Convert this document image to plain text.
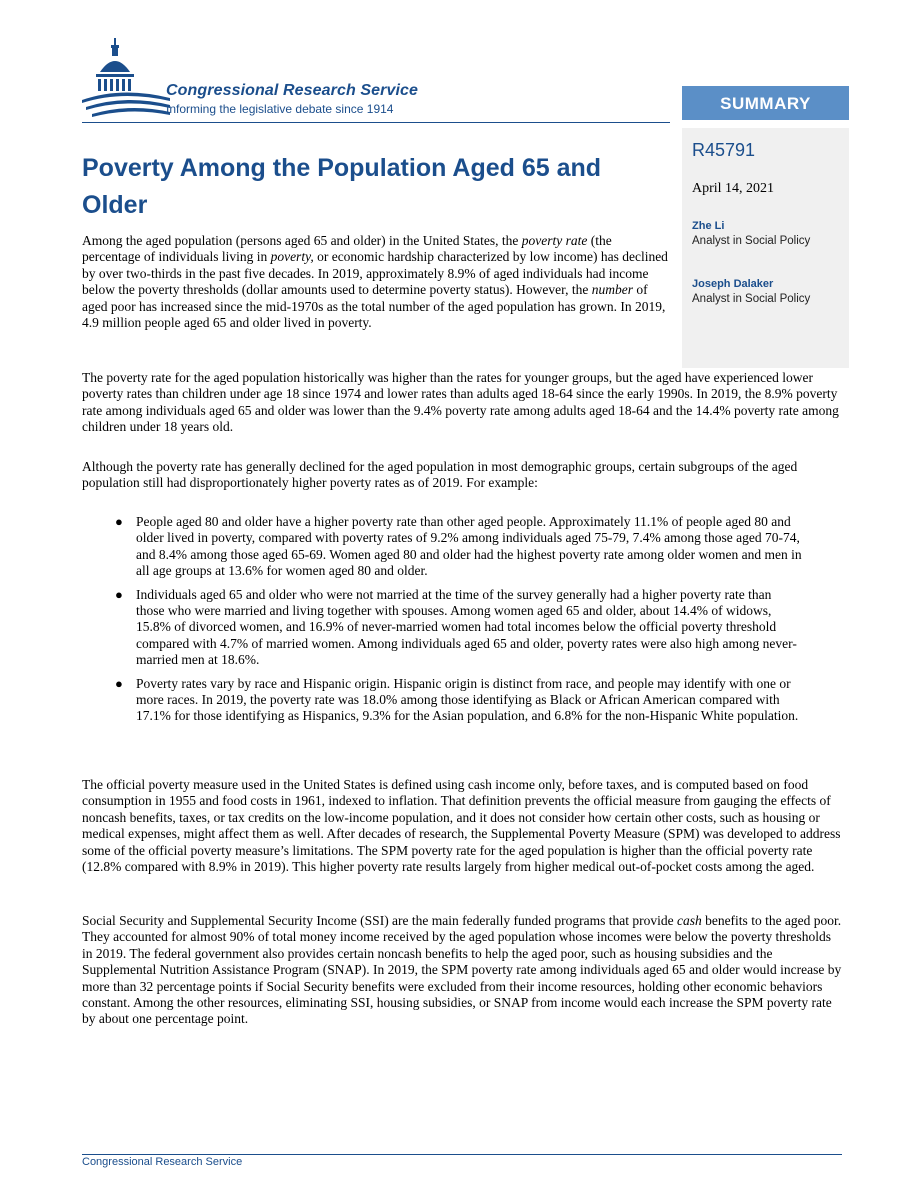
Congressional Research Service
Informing the legislative debate since 1914	SUMMARY
R45791
April 14, 2021
Zhe Li
Analyst in Social Policy
Joseph Dalaker
Analyst in Social Policy
Poverty Among the Population Aged 65 and Older
Among the aged population (persons aged 65 and older) in the United States, the poverty rate (the percentage of individuals living in poverty, or economic hardship characterized by low income) has declined by over two-thirds in the past five decades. In 2019, approximately 8.9% of aged individuals had income below the poverty thresholds (dollar amounts used to determine poverty status). However, the number of aged poor has increased since the mid-1970s as the total number of the aged population has grown. In 2019, 4.9 million people aged 65 and older lived in poverty.
The poverty rate for the aged population historically was higher than the rates for younger groups, but the aged have experienced lower poverty rates than children under age 18 since 1974 and lower rates than adults aged 18-64 since the early 1990s. In 2019, the 8.9% poverty rate among individuals aged 65 and older was lower than the 9.4% poverty rate among adults aged 18-64 and the 14.4% poverty rate among children under 18 years old.
Although the poverty rate has generally declined for the aged population in most demographic groups, certain subgroups of the aged population still had disproportionately higher poverty rates as of 2019. For example:
● People aged 80 and older have a higher poverty rate than other aged people. Approximately 11.1% of people aged 80 and older lived in poverty, compared with poverty rates of 9.2% among individuals aged 75-79, 7.4% among those aged 70-74, and 8.4% among those aged 65-69. Women aged 80 and older had the highest poverty rate among older women and men in all age groups at 13.6% for women aged 80 and older.
● Individuals aged 65 and older who were not married at the time of the survey generally had a higher poverty rate than those who were married and living together with spouses. Among women aged 65 and older, about 14.4% of widows, 15.8% of divorced women, and 16.9% of never-married women had total incomes below the official poverty threshold compared with 4.7% of married women. Among individuals aged 65 and older, poverty rates were also high among never-married men at 18.6%.
● Poverty rates vary by race and Hispanic origin. Hispanic origin is distinct from race, and people may identify with one or more races. In 2019, the poverty rate was 18.0% among those identifying as Black or African American compared with 17.1% for those identifying as Hispanics, 9.3% for the Asian population, and 6.8% for the non-Hispanic White population.
The official poverty measure used in the United States is defined using cash income only, before taxes, and is computed based on food consumption in 1955 and food costs in 1961, indexed to inflation. That definition prevents the official measure from gauging the effects of noncash benefits, taxes, or tax credits on the low-income population, and it does not consider how certain other costs, such as housing or medical expenses, might affect them as well. After decades of research, the Supplemental Poverty Measure (SPM) was developed to address some of the official poverty measure’s limitations. The SPM poverty rate for the aged population is higher than the official poverty rate (12.8% compared with 8.9% in 2019). This higher poverty rate results largely from higher medical out-of-pocket costs among the aged.
Social Security and Supplemental Security Income (SSI) are the main federally funded programs that provide cash benefits to the aged poor. They accounted for almost 90% of total money income received by the aged population whose incomes were below the poverty thresholds in 2019. The federal government also provides certain noncash benefits to help the aged poor, such as housing subsidies and the Supplemental Nutrition Assistance Program (SNAP). In 2019, the SPM poverty rate among individuals aged 65 and older would increase by more than 32 percentage points if Social Security benefits were excluded from their income resources, holding other economic behaviors constant. Among the other resources, eliminating SSI, housing subsidies, or SNAP from income would each increase the SPM poverty rate by about one percentage point.
Congressional Research Service
